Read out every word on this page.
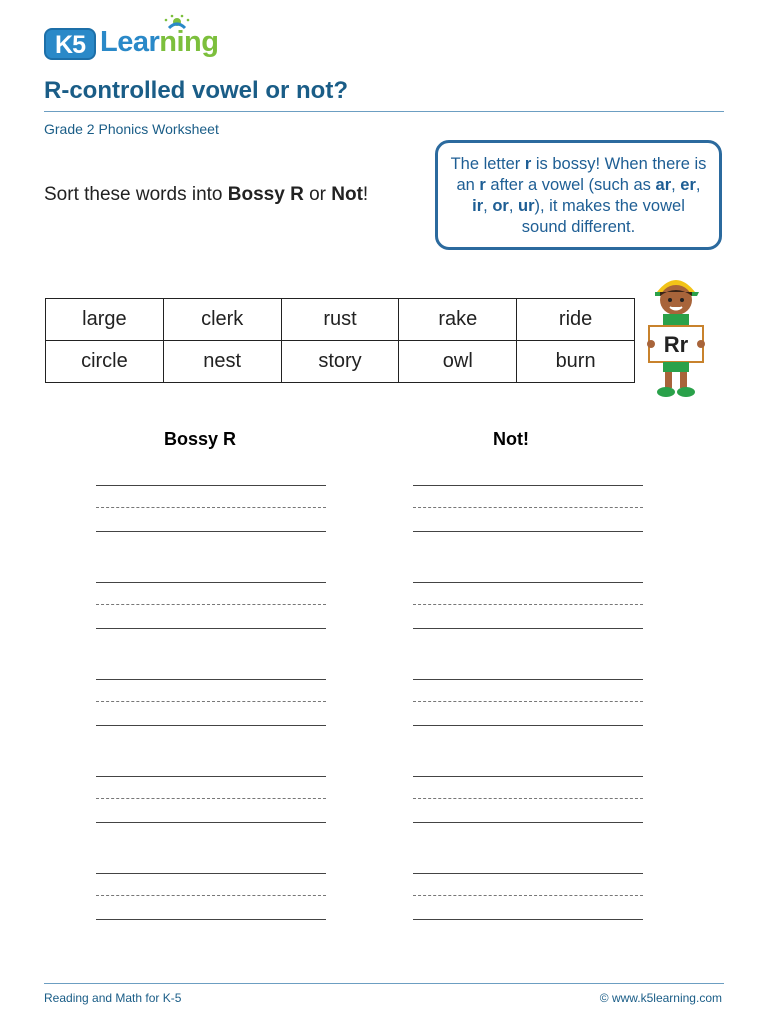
K5 Learning
R-controlled vowel or not?
Grade 2 Phonics Worksheet
Sort these words into Bossy R or Not!
The letter r is bossy! When there is an r after a vowel (such as ar, er, ir, or, ur), it makes the vowel sound different.
large	clerk	rust	rake	ride
circle	nest	story	owl	burn
Rr
Bossy R	Not!
Reading and Math for K-5	© www.k5learning.com
